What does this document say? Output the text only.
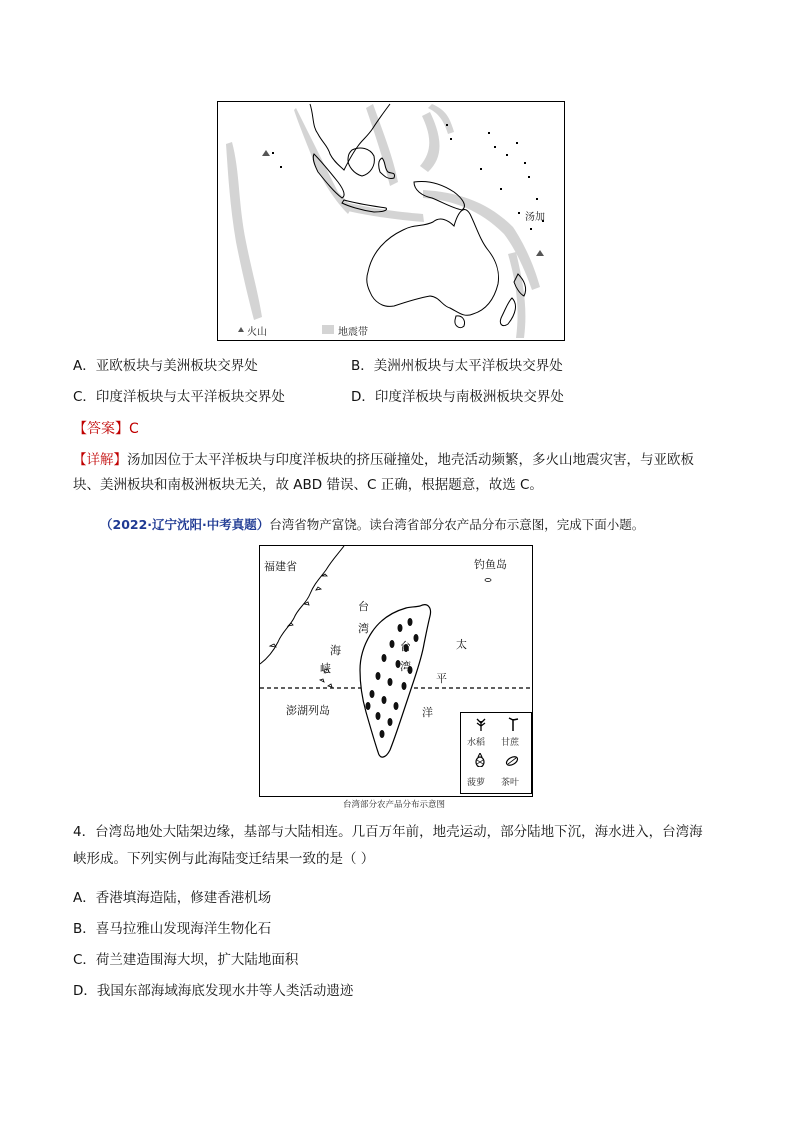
汤加
火山	地震带
A．亚欧板块与美洲板块交界处	B．美洲州板块与太平洋板块交界处
C．印度洋板块与太平洋板块交界处	D．印度洋板块与南极洲板块交界处
【答案】C
【详解】汤加因位于太平洋板块与印度洋板块的挤压碰撞处，地壳活动频繁，多火山地震灾害，与亚欧板
块、美洲板块和南极洲板块无关，故 ABD 错误、C 正确，根据题意，故选 C。
（2022·辽宁沈阳·中考真题）台湾省物产富饶。读台湾省部分农产品分布示意图，完成下面小题。
福建省	钓鱼岛
台
湾
海
峡
台
湾
澎湖列岛
太
平
洋
水稻 甘蔗
菠萝 茶叶
台湾部分农产品分布示意图
4．台湾岛地处大陆架边缘，基部与大陆相连。几百万年前，地壳运动，部分陆地下沉，海水进入，台湾海
峡形成。下列实例与此海陆变迁结果一致的是（ ）
A．香港填海造陆，修建香港机场
B．喜马拉雅山发现海洋生物化石
C．荷兰建造围海大坝，扩大陆地面积
D．我国东部海域海底发现水井等人类活动遗迹
